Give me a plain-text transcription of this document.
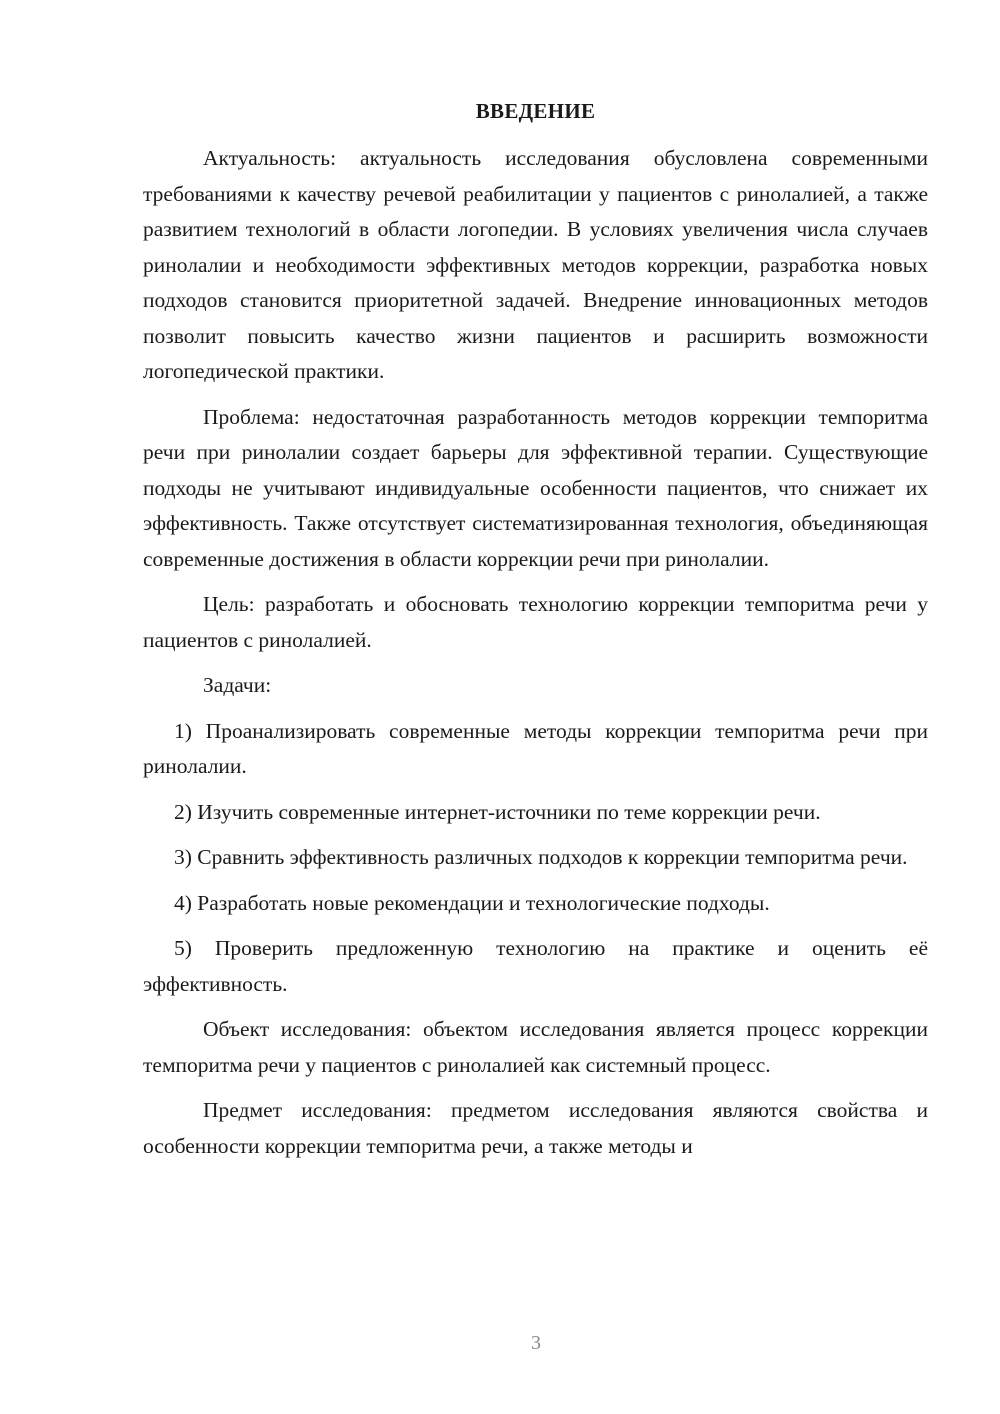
ВВЕДЕНИЕ

Актуальность: актуальность исследования обусловлена современными требованиями к качеству речевой реабилитации у пациентов с ринолалией, а также развитием технологий в области логопедии. В условиях увеличения числа случаев ринолалии и необходимости эффективных методов коррекции, разработка новых подходов становится приоритетной задачей. Внедрение инновационных методов позволит повысить качество жизни пациентов и расширить возможности логопедической практики.

Проблема: недостаточная разработанность методов коррекции темпоритма речи при ринолалии создает барьеры для эффективной терапии. Существующие подходы не учитывают индивидуальные особенности пациентов, что снижает их эффективность. Также отсутствует систематизированная технология, объединяющая современные достижения в области коррекции речи при ринолалии.

Цель: разработать и обосновать технологию коррекции темпоритма речи у пациентов с ринолалией.

Задачи:

1) Проанализировать современные методы коррекции темпоритма речи при ринолалии.

2) Изучить современные интернет-источники по теме коррекции речи.

3) Сравнить эффективность различных подходов к коррекции темпоритма речи.

4) Разработать новые рекомендации и технологические подходы.

5) Проверить предложенную технологию на практике и оценить её эффективность.

Объект исследования: объектом исследования является процесс коррекции темпоритма речи у пациентов с ринолалией как системный процесс.

Предмет исследования: предметом исследования являются свойства и особенности коррекции темпоритма речи, а также методы и

3
